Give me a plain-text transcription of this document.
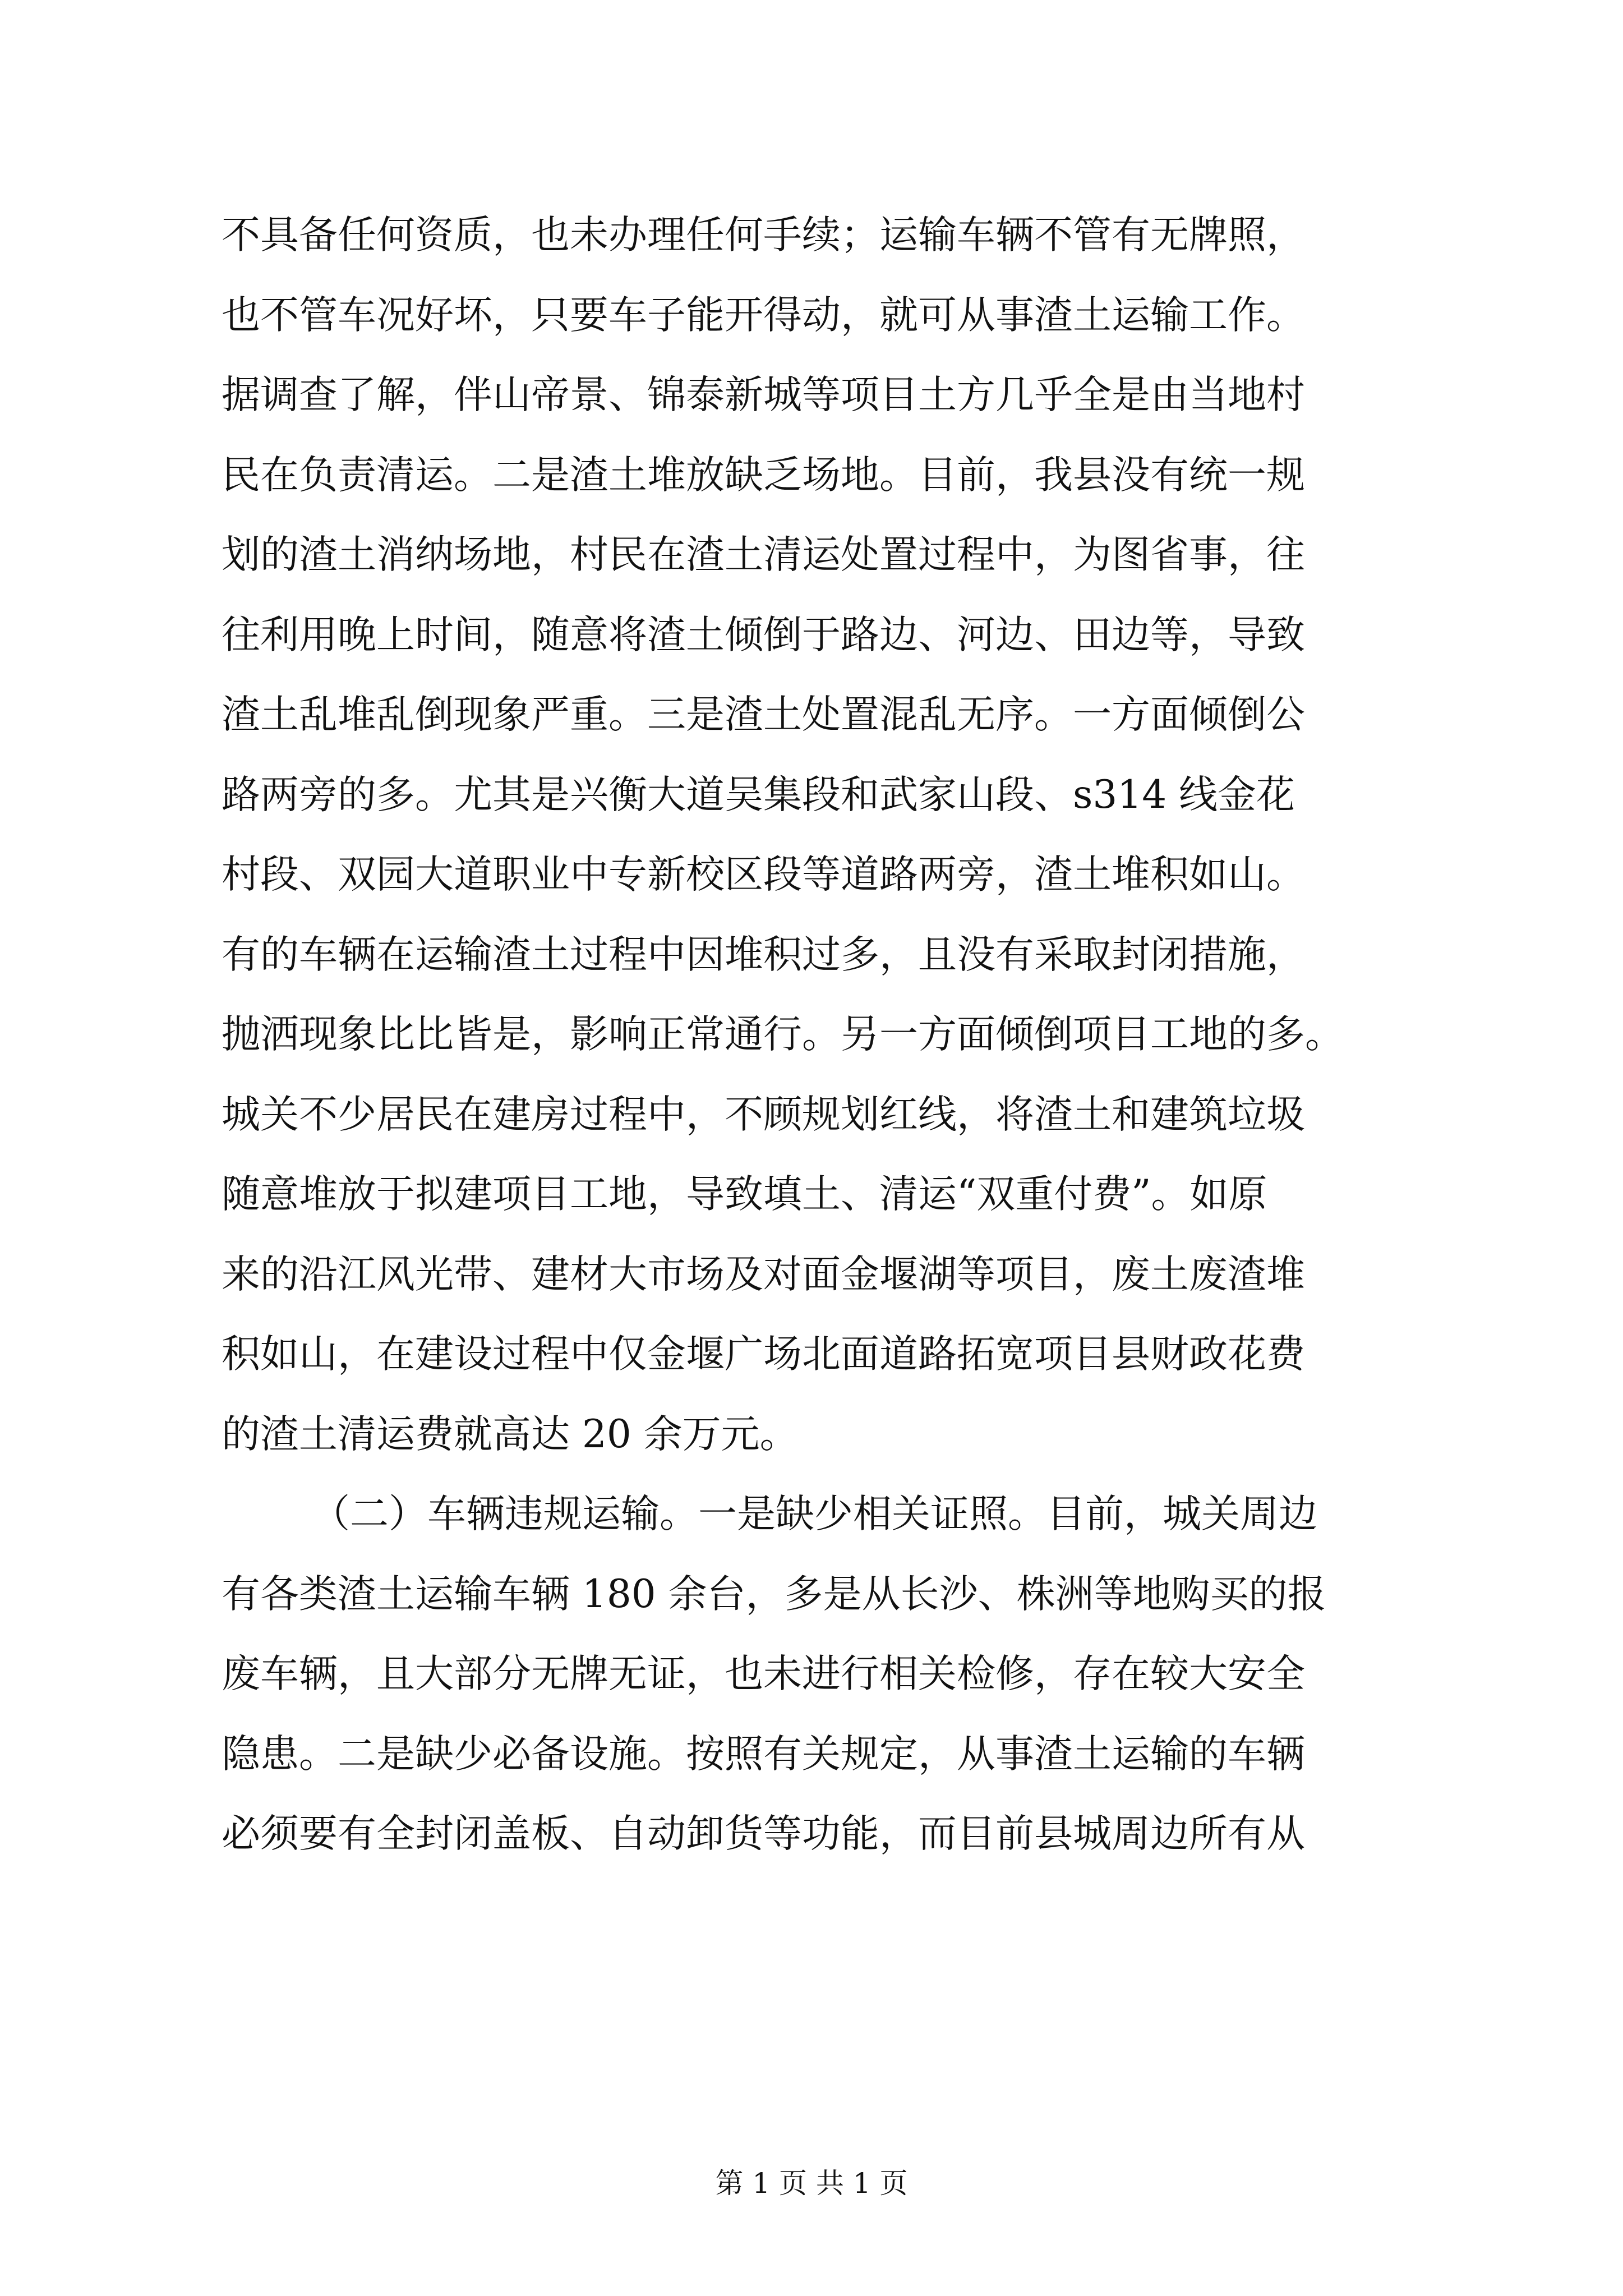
不具备任何资质，也未办理任何手续；运输车辆不管有无牌照，
也不管车况好坏，只要车子能开得动，就可从事渣土运输工作。
据调查了解，伴山帝景、锦泰新城等项目土方几乎全是由当地村
民在负责清运。二是渣土堆放缺乏场地。目前，我县没有统一规
划的渣土消纳场地，村民在渣土清运处置过程中，为图省事，往
往利用晚上时间，随意将渣土倾倒于路边、河边、田边等，导致
渣土乱堆乱倒现象严重。三是渣土处置混乱无序。一方面倾倒公
路两旁的多。尤其是兴衡大道吴集段和武家山段、s314 线金花
村段、双园大道职业中专新校区段等道路两旁，渣土堆积如山。
有的车辆在运输渣土过程中因堆积过多，且没有采取封闭措施，
抛洒现象比比皆是，影响正常通行。另一方面倾倒项目工地的多。
城关不少居民在建房过程中，不顾规划红线，将渣土和建筑垃圾
随意堆放于拟建项目工地，导致填土、清运“双重付费”。如原
来的沿江风光带、建材大市场及对面金堰湖等项目，废土废渣堆
积如山，在建设过程中仅金堰广场北面道路拓宽项目县财政花费
的渣土清运费就高达 20 余万元。
（二）车辆违规运输。一是缺少相关证照。目前，城关周边
有各类渣土运输车辆 180 余台，多是从长沙、株洲等地购买的报
废车辆，且大部分无牌无证，也未进行相关检修，存在较大安全
隐患。二是缺少必备设施。按照有关规定，从事渣土运输的车辆
必须要有全封闭盖板、自动卸货等功能，而目前县城周边所有从
第 1 页 共 1 页
